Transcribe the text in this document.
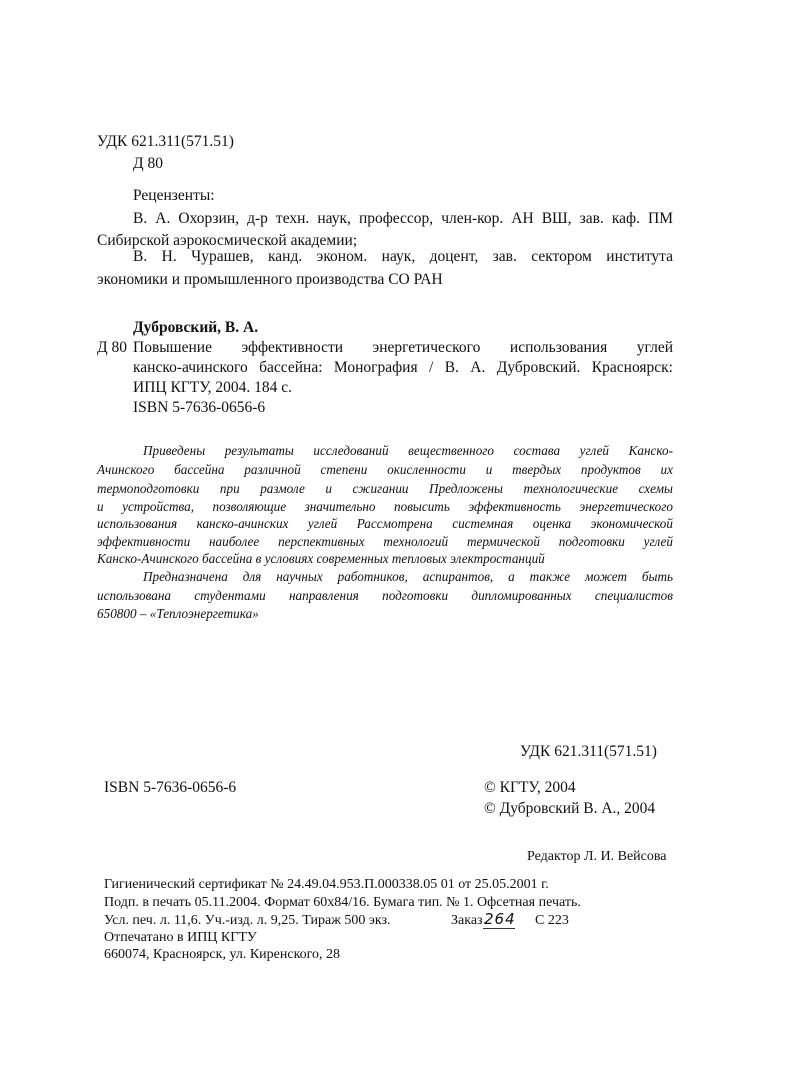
УДК 621.311(571.51)
Д 80
Рецензенты:
В. А. Охорзин, д-р техн. наук, профессор, член-кор. АН ВШ, зав. каф. ПМ
Сибирской аэрокосмической академии;
В. Н. Чурашев, канд. эконом. наук, доцент, зав. сектором института
экономики и промышленного производства СО РАН
Дубровский, В. А.
Д 80 Повышение эффективности энергетического использования углей
канско-ачинского бассейна: Монография / В. А. Дубровский. Красноярск:
ИПЦ КГТУ, 2004. 184 с.
ISBN 5-7636-0656-6
Приведены результаты исследований вещественного состава углей Канско-
Ачинского бассейна различной степени окисленности и твердых продуктов их
термоподготовки при размоле и сжигании Предложены технологические схемы
и устройства, позволяющие значительно повысить эффективность энергетического
использования канско-ачинских углей Рассмотрена системная оценка экономической
эффективности наиболее перспективных технологий термической подготовки углей
Канско-Ачинского бассейна в условиях современных тепловых электростанций
Предназначена для научных работников, аспирантов, а также может быть
использована студентами направления подготовки дипломированных специалистов
650800 – «Теплоэнергетика»
УДК 621.311(571.51)
ISBN 5-7636-0656-6	© КГТУ, 2004
© Дубровский В. А., 2004
Редактор Л. И. Вейсова
Гигиенический сертификат № 24.49.04.953.П.000338.05 01 от 25.05.2001 г.
Подп. в печать 05.11.2004. Формат 60х84/16. Бумага тип. № 1. Офсетная печать.
Усл. печ. л. 11,6. Уч.-изд. л. 9,25. Тираж 500 экз.	Заказ 264 С 223
Отпечатано в ИПЦ КГТУ
660074, Красноярск, ул. Киренского, 28
